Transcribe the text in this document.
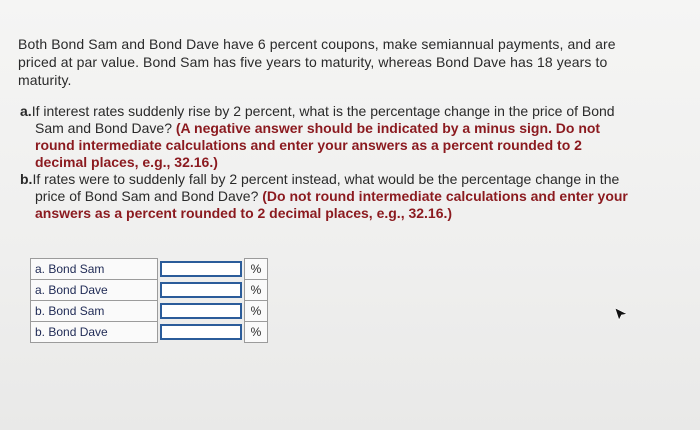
Both Bond Sam and Bond Dave have 6 percent coupons, make semiannual payments, and are priced at par value. Bond Sam has five years to maturity, whereas Bond Dave has 18 years to maturity.
a.If interest rates suddenly rise by 2 percent, what is the percentage change in the price of Bond Sam and Bond Dave? (A negative answer should be indicated by a minus sign. Do not round intermediate calculations and enter your answers as a percent rounded to 2 decimal places, e.g., 32.16.)
b.If rates were to suddenly fall by 2 percent instead, what would be the percentage change in the price of Bond Sam and Bond Dave? (Do not round intermediate calculations and enter your answers as a percent rounded to 2 decimal places, e.g., 32.16.)
a. Bond Sam			%
a. Bond Dave			%
b. Bond Sam			%
b. Bond Dave			%
